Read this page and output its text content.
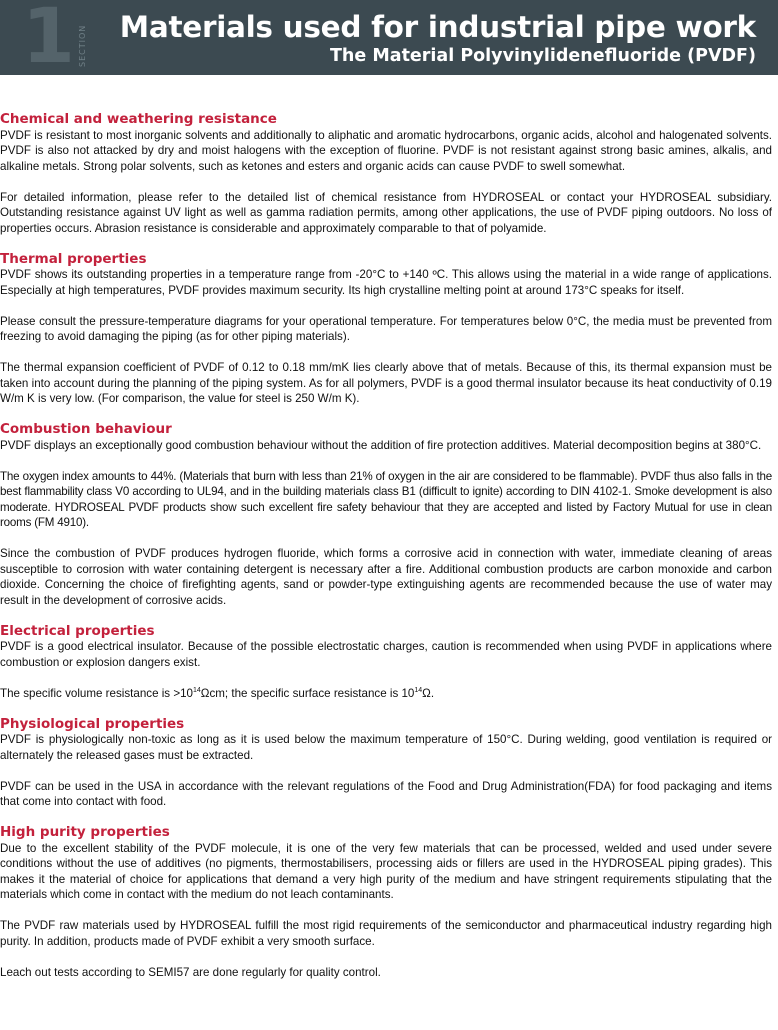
1 SECTION Materials used for industrial pipe work
The Material Polyvinylidenefluoride (PVDF)
Chemical and weathering resistance

PVDF is resistant to most inorganic solvents and additionally to aliphatic and aromatic hydrocarbons, organic acids, alcohol and halogenated solvents. PVDF is also not attacked by dry and moist halogens with the exception of fluorine. PVDF is not resistant against strong basic amines, alkalis, and alkaline metals. Strong polar solvents, such as ketones and esters and organic acids can cause PVDF to swell somewhat.

For detailed information, please refer to the detailed list of chemical resistance from HYDROSEAL or contact your HYDROSEAL subsidiary. Outstanding resistance against UV light as well as gamma radiation permits, among other applications, the use of PVDF piping outdoors. No loss of properties occurs. Abrasion resistance is considerable and approximately comparable to that of polyamide.

Thermal properties

PVDF shows its outstanding properties in a temperature range from -20°C to +140 ºC. This allows using the material in a wide range of applications. Especially at high temperatures, PVDF provides maximum security. Its high crystalline melting point at around 173°C speaks for itself.

Please consult the pressure-temperature diagrams for your operational temperature. For temperatures below 0°C, the media must be prevented from freezing to avoid damaging the piping (as for other piping materials).

The thermal expansion coefficient of PVDF of 0.12 to 0.18 mm/mK lies clearly above that of metals. Because of this, its thermal expansion must be taken into account during the planning of the piping system. As for all polymers, PVDF is a good thermal insulator because its heat conductivity of 0.19 W/m K is very low. (For comparison, the value for steel is 250 W/m K).

Combustion behaviour

PVDF displays an exceptionally good combustion behaviour without the addition of fire protection additives. Material decomposition begins at 380°C.

The oxygen index amounts to 44%. (Materials that burn with less than 21% of oxygen in the air are considered to be flammable). PVDF thus also falls in the best flammability class V0 according to UL94, and in the building materials class B1 (difficult to ignite) according to DIN 4102-1. Smoke development is also moderate. HYDROSEAL PVDF products show such excellent fire safety behaviour that they are accepted and listed by Factory Mutual for use in clean rooms (FM 4910).

Since the combustion of PVDF produces hydrogen fluoride, which forms a corrosive acid in connection with water, immediate cleaning of areas susceptible to corrosion with water containing detergent is necessary after a fire. Additional combustion products are carbon monoxide and carbon dioxide. Concerning the choice of firefighting agents, sand or powder-type extinguishing agents are recommended because the use of water may result in the development of corrosive acids.

Electrical properties

PVDF is a good electrical insulator. Because of the possible electrostatic charges, caution is recommended when using PVDF in applications where combustion or explosion dangers exist.

The specific volume resistance is $>10^{14}\Omega cm$; the specific surface resistance is $10^{14}\Omega$.

Physiological properties

PVDF is physiologically non-toxic as long as it is used below the maximum temperature of 150°C. During welding, good ventilation is required or alternately the released gases must be extracted.

PVDF can be used in the USA in accordance with the relevant regulations of the Food and Drug Administration(FDA) for food packaging and items that come into contact with food.

High purity properties

Due to the excellent stability of the PVDF molecule, it is one of the very few materials that can be processed, welded and used under severe conditions without the use of additives (no pigments, thermostabilisers, processing aids or fillers are used in the HYDROSEAL piping grades). This makes it the material of choice for applications that demand a very high purity of the medium and have stringent requirements stipulating that the materials which come in contact with the medium do not leach contaminants.

The PVDF raw materials used by HYDROSEAL fulfill the most rigid requirements of the semiconductor and pharmaceutical industry regarding high purity. In addition, products made of PVDF exhibit a very smooth surface.

Leach out tests according to SEMI57 are done regularly for quality control.
